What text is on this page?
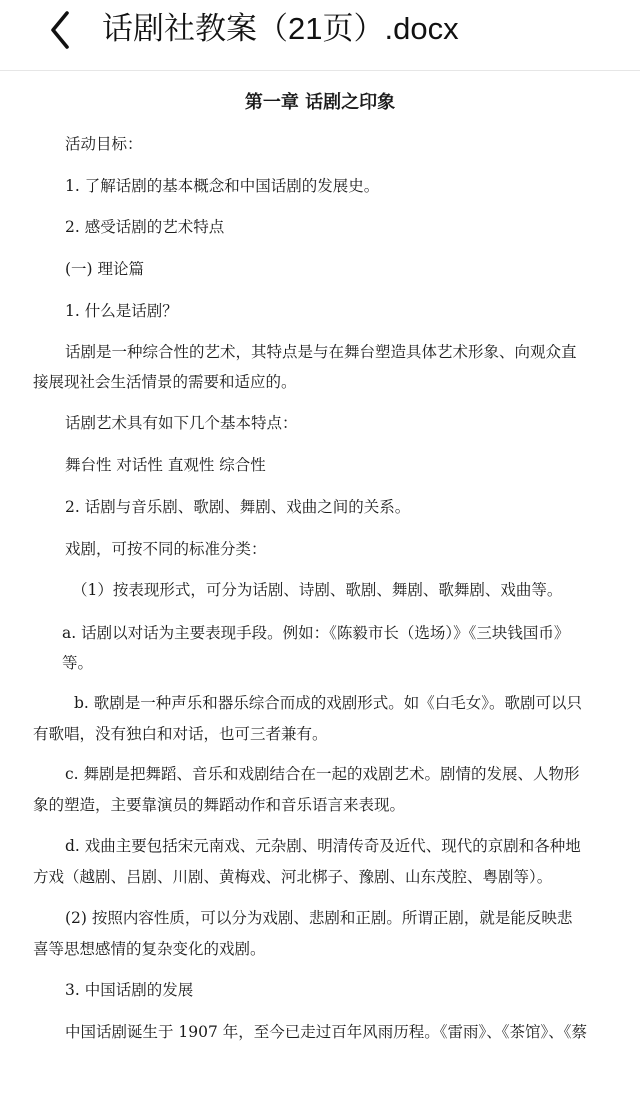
话剧社教案（21页）.docx
第一章 话剧之印象
活动目标：
1. 了解话剧的基本概念和中国话剧的发展史。
2. 感受话剧的艺术特点
(一) 理论篇
1. 什么是话剧？
话剧是一种综合性的艺术，其特点是与在舞台塑造具体艺术形象、向观众直
接展现社会生活情景的需要和适应的。
话剧艺术具有如下几个基本特点：
舞台性 对话性 直观性 综合性
2. 话剧与音乐剧、歌剧、舞剧、戏曲之间的关系。
戏剧，可按不同的标准分类：
（1）按表现形式，可分为话剧、诗剧、歌剧、舞剧、歌舞剧、戏曲等。
a. 话剧以对话为主要表现手段。例如：《陈毅市长（选场）》《三块钱国币》
等。
b. 歌剧是一种声乐和器乐综合而成的戏剧形式。如《白毛女》。歌剧可以只
有歌唱，没有独白和对话，也可三者兼有。
c. 舞剧是把舞蹈、音乐和戏剧结合在一起的戏剧艺术。剧情的发展、人物形
象的塑造，主要靠演员的舞蹈动作和音乐语言来表现。
d. 戏曲主要包括宋元南戏、元杂剧、明清传奇及近代、现代的京剧和各种地
方戏（越剧、吕剧、川剧、黄梅戏、河北梆子、豫剧、山东茂腔、粤剧等）。
(2) 按照内容性质，可以分为戏剧、悲剧和正剧。所谓正剧，就是能反映悲
喜等思想感情的复杂变化的戏剧。
3. 中国话剧的发展
中国话剧诞生于 1907 年，至今已走过百年风雨历程。《雷雨》、《茶馆》、《蔡
